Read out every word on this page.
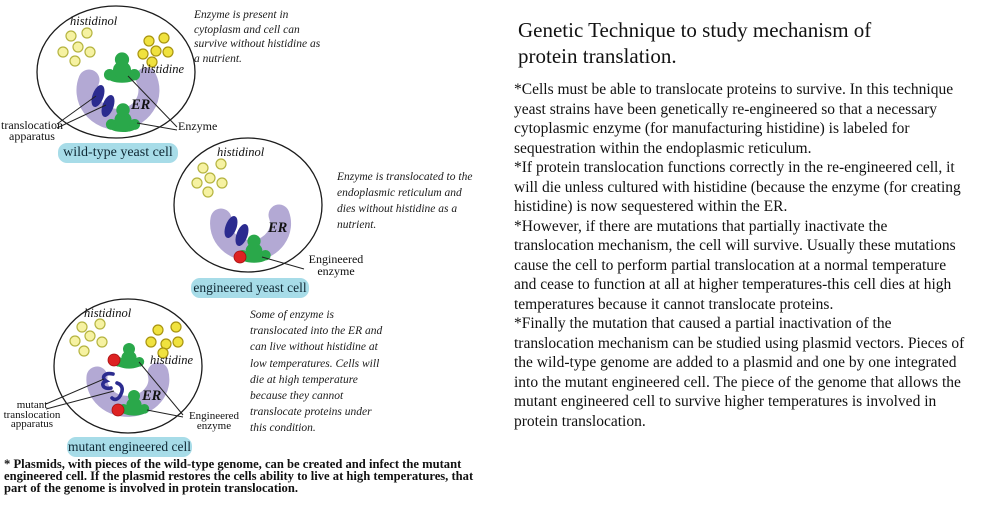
histidinol
histidine
ER
translocation
apparatus
Enzyme
wild-type yeast cell
Enzyme is present in cytoplasm and cell can survive without histidine as a nutrient.
histidinol
ER
Engineered
enzyme
engineered yeast cell
Enzyme is translocated to the endoplasmic reticulum and dies without histidine as a nutrient.
histidinol
histidine
ER
mutant
translocation
apparatus
Engineered
enzyme
mutant engineered cell
Some of enzyme is translocated into the ER and can live without histidine at low temperatures. Cells will die at high temperature because they cannot translocate proteins under this condition.
* Plasmids, with pieces of the wild-type genome, can be created and infect the mutant engineered cell. If the plasmid restores the cells ability to live at high temperatures, that part of the genome is involved in protein translocation.
Genetic Technique to study mechanism of protein translation.

*Cells must be able to translocate proteins to survive. In this technique yeast strains have been genetically re-engineered so that a necessary cytoplasmic enzyme (for manufacturing histidine) is labeled for sequestration within the endoplasmic reticulum.

*If protein translocation functions correctly in the re-engineered cell, it will die unless cultured with histidine (because the enzyme (for creating histidine) is now sequestered within the ER.

*However, if there are mutations that partially inactivate the translocation mechanism, the cell will survive. Usually these mutations cause the cell to perform partial translocation at a normal temperature and cease to function at all at higher temperatures-this cell dies at high temperatures because it cannot translocate proteins.

*Finally the mutation that caused a partial inactivation of the translocation mechanism can be studied using plasmid vectors. Pieces of the wild-type genome are added to a plasmid and one by one integrated into the mutant engineered cell. The piece of the genome that allows the mutant engineered cell to survive higher temperatures is involved in protein translocation.
